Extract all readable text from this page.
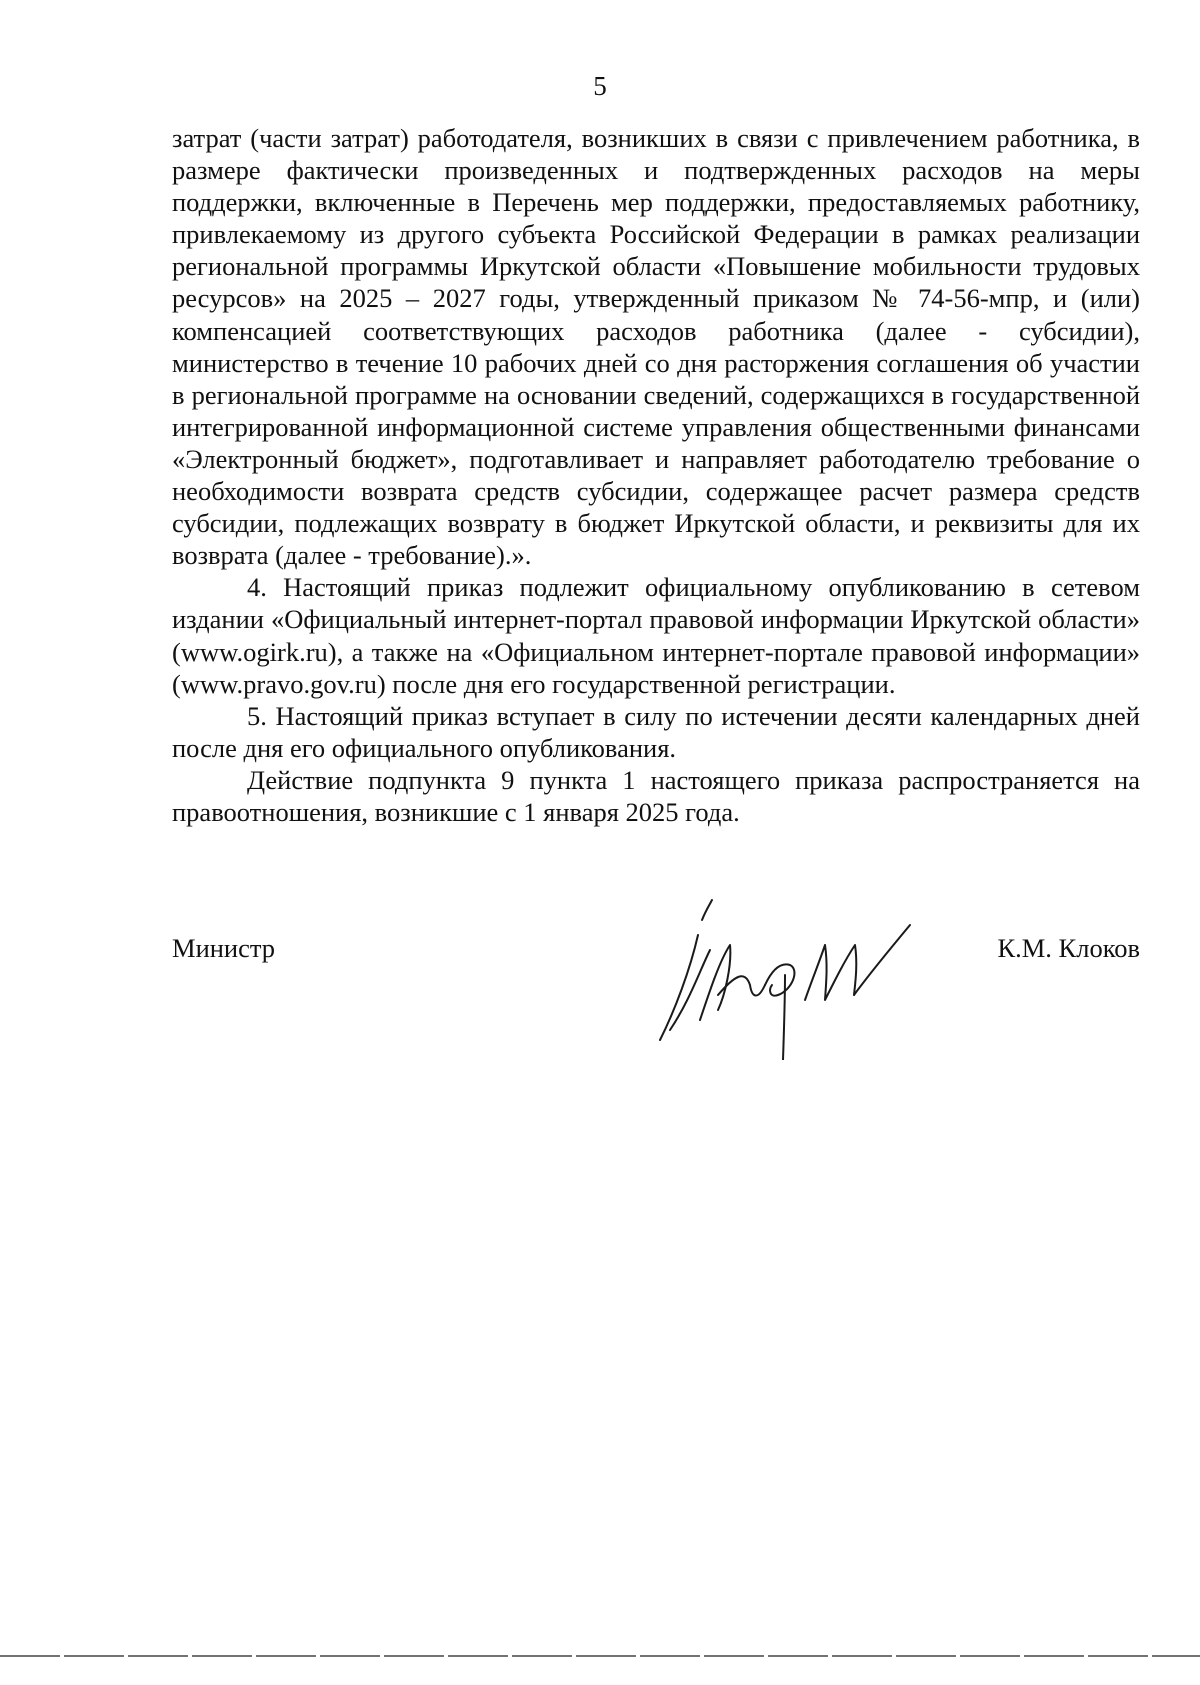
5

затрат (части затрат) работодателя, возникших в связи с привлечением работника, в размере фактически произведенных и подтвержденных расходов на меры поддержки, включенные в Перечень мер поддержки, предоставляемых работнику, привлекаемому из другого субъекта Российской Федерации в рамках реализации региональной программы Иркутской области «Повышение мобильности трудовых ресурсов» на 2025 – 2027 годы, утвержденный приказом № 74-56-мпр, и (или) компенсацией соответствующих расходов работника (далее - субсидии), министерство в течение 10 рабочих дней со дня расторжения соглашения об участии в региональной программе на основании сведений, содержащихся в государственной интегрированной информационной системе управления общественными финансами «Электронный бюджет», подготавливает и направляет работодателю требование о необходимости возврата средств субсидии, содержащее расчет размера средств субсидии, подлежащих возврату в бюджет Иркутской области, и реквизиты для их возврата (далее - требование).».

4. Настоящий приказ подлежит официальному опубликованию в сетевом издании «Официальный интернет-портал правовой информации Иркутской области» (www.ogirk.ru), а также на «Официальном интернет-портале правовой информации» (www.pravo.gov.ru) после дня его государственной регистрации.

5. Настоящий приказ вступает в силу по истечении десяти календарных дней после дня его официального опубликования.

Действие подпункта 9 пункта 1 настоящего приказа распространяется на правоотношения, возникшие с 1 января 2025 года.

Министр	К.М. Клоков
